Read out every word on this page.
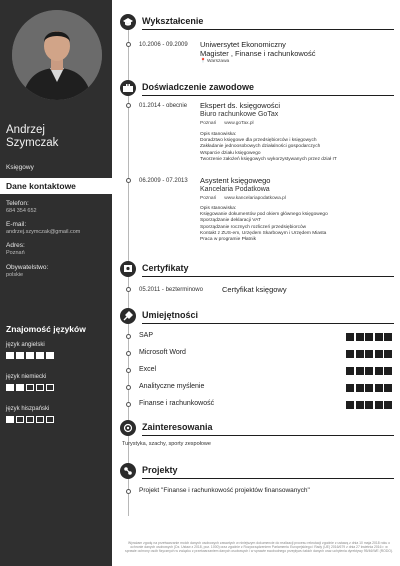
Andrzej Szymczak
Księgowy
Dane kontaktowe
Telefon:
684 354 652
E-mail:
andrzej.szymczak@gmail.com
Adres:
Poznań
Obywatelstwo:
polskie
Znajomość języków
język angielski
język niemiecki
język hiszpański
Wykształcenie
10.2006 - 09.2009 Uniwersytet Ekonomiczny
Magister , Finanse i rachunkowość
📍 Warszawa
Doświadczenie zawodowe
01.2014 - obecnie Ekspert ds. księgowości
Biuro rachunkowe GoTax
Poznań www.goTax.pl
Opis stanowiska:
Doradztwo księgowe dla przedsiębiorców i księgowych
Zakładanie jednoosobowych działalności gospodarczych
Wsparcie działu księgowego
Tworzenie założeń księgowych wykorzystywanych przez dział IT
06.2009 - 07.2013 Asystent księgowego
Kancelaria Podatkowa
Poznań www.kancelariapodatkowa.pl
Opis stanowiska:
Księgowanie dokumentów pod okiem głównego księgowego
Sporządzanie deklaracji VAT
Sporządzanie rocznych rozliczeń przedsiębiorców
Kontakt z ZUS-em, Urzędem Skarbowym i Urzędem Miasta
Praca w programie Płatnik
Certyfikaty
05.2011 - bezterminowo	Certyfikat księgowy
Umiejętności
SAP
Microsoft Word
Excel
Analityczne myślenie
Finanse i rachunkowość
Zainteresowania
Turystyka, szachy, sporty zespołowe
Projekty
Projekt "Finanse i rachunkowość projektów finansowanych"
Wyrażam zgodę na przetwarzanie moich danych osobowych zawartych w niniejszym dokumencie do realizacji procesu rekrutacji zgodnie z ustawą z dnia 10 maja 2018 roku o ochronie danych osobowych (Dz. Ustaw z 2018, poz. 1000) oraz zgodnie z Rozporządzeniem Parlamentu Europejskiego i Rady (UE) 2016/679 z dnia 27 kwietnia 2016 r. w sprawie ochrony osób fizycznych w związku z przetwarzaniem danych osobowych i w sprawie swobodnego przepływu takich danych oraz uchylenia dyrektywy 95/46/WE (RODO).
